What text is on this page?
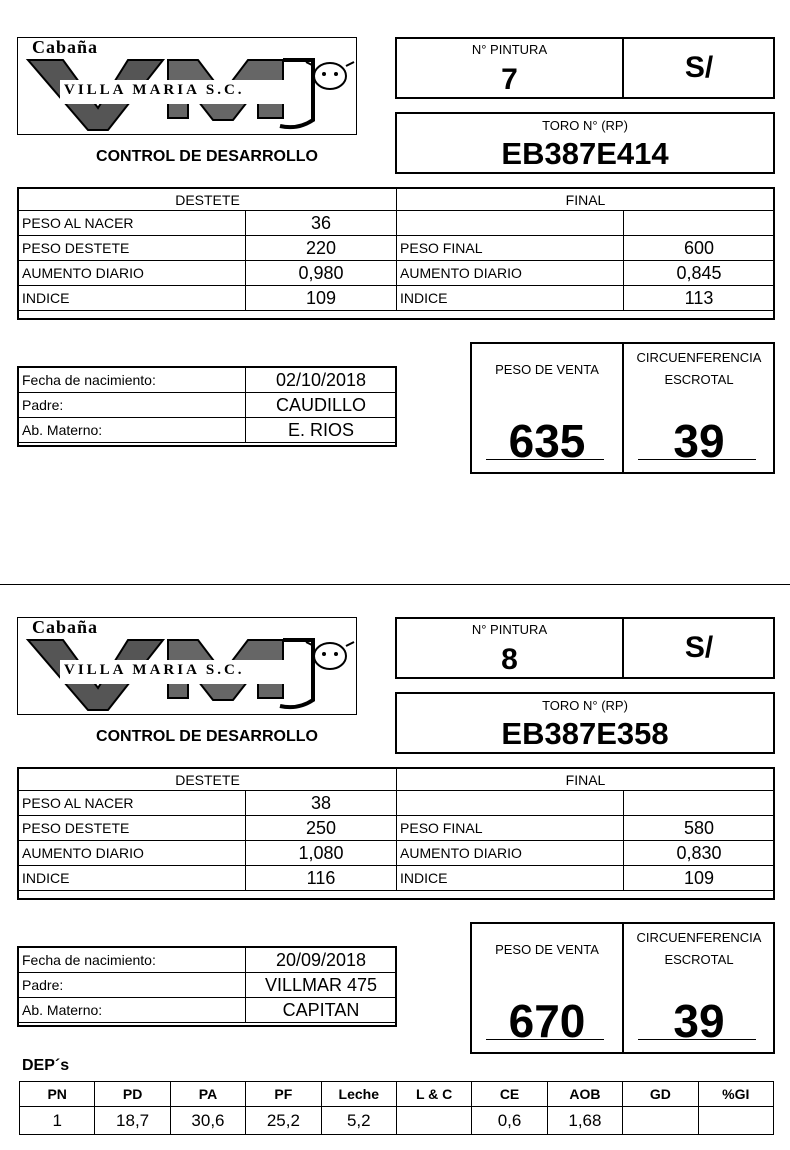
Cabaña
VILLA MARIA S.C.
CONTROL DE DESARROLLO
N° PINTURA
7	S/
TORO N° (RP)
EB387E414
DESTETE		FINAL	
PESO AL NACER	36		
PESO DESTETE	220	PESO FINAL	600
AUMENTO DIARIO	0,980	AUMENTO DIARIO	0,845
INDICE	109	INDICE	113
Fecha de nacimiento:	02/10/2018
Padre:	CAUDILLO
Ab. Materno:	E. RIOS
PESO DE VENTA
635
CIRCUENFERENCIA
ESCROTAL
39
Cabaña
VILLA MARIA S.C.
CONTROL DE DESARROLLO
N° PINTURA
8	S/
TORO N° (RP)
EB387E358
DESTETE		FINAL	
PESO AL NACER	38		
PESO DESTETE	250	PESO FINAL	580
AUMENTO DIARIO	1,080	AUMENTO DIARIO	0,830
INDICE	116	INDICE	109
Fecha de nacimiento:	20/09/2018
Padre:	VILLMAR 475
Ab. Materno:	CAPITAN
PESO DE VENTA
670
CIRCUENFERENCIA
ESCROTAL
39
DEP´s
PN	PD	PA	PF	Leche	L & C	CE	AOB	GD	%GI
1	18,7	30,6	25,2	5,2		0,6	1,68		
